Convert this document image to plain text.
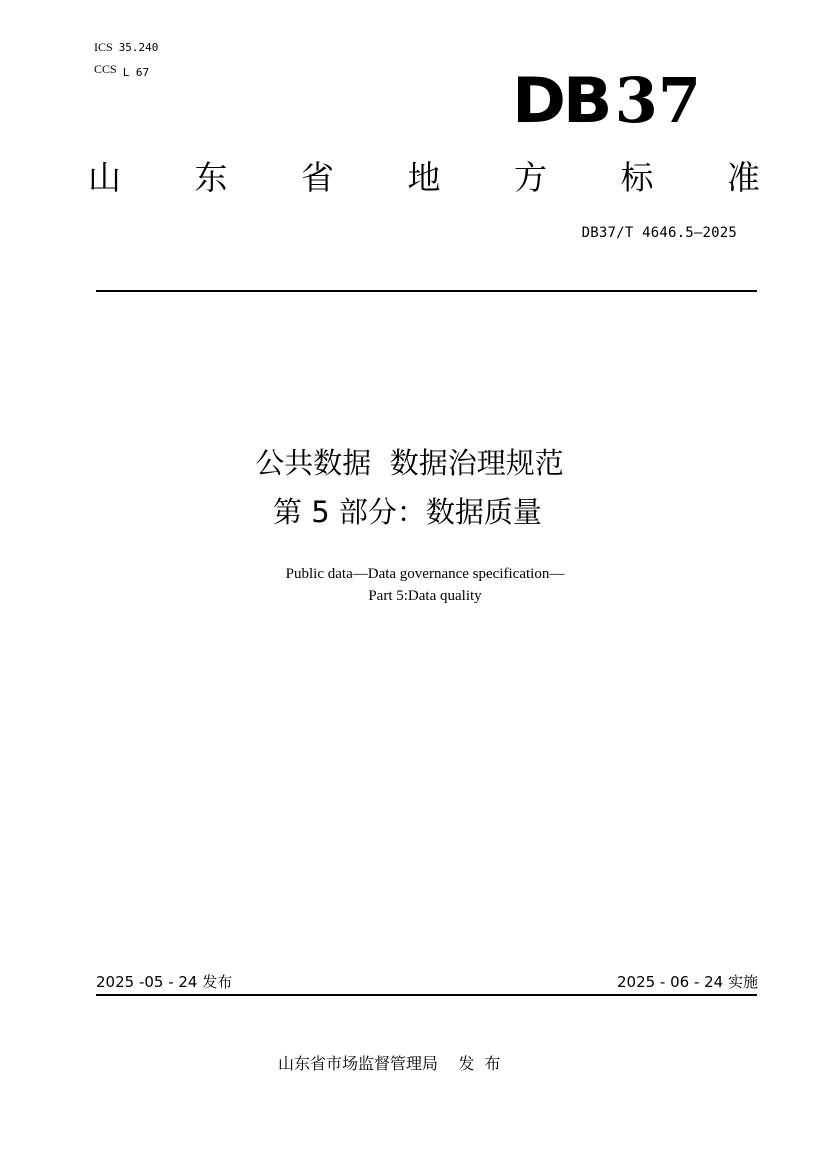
ICS 35.240
CCS L 67	DB 37
山 东 省 地 方 标 准
DB37/T 4646.5—2025
公共数据  数据治理规范
第 5 部分：数据质量
Public data—Data governance specification—
Part 5:Data quality
2025 -05 - 24 发布	2025 - 06 - 24 实施
山东省市场监督管理局    发  布
